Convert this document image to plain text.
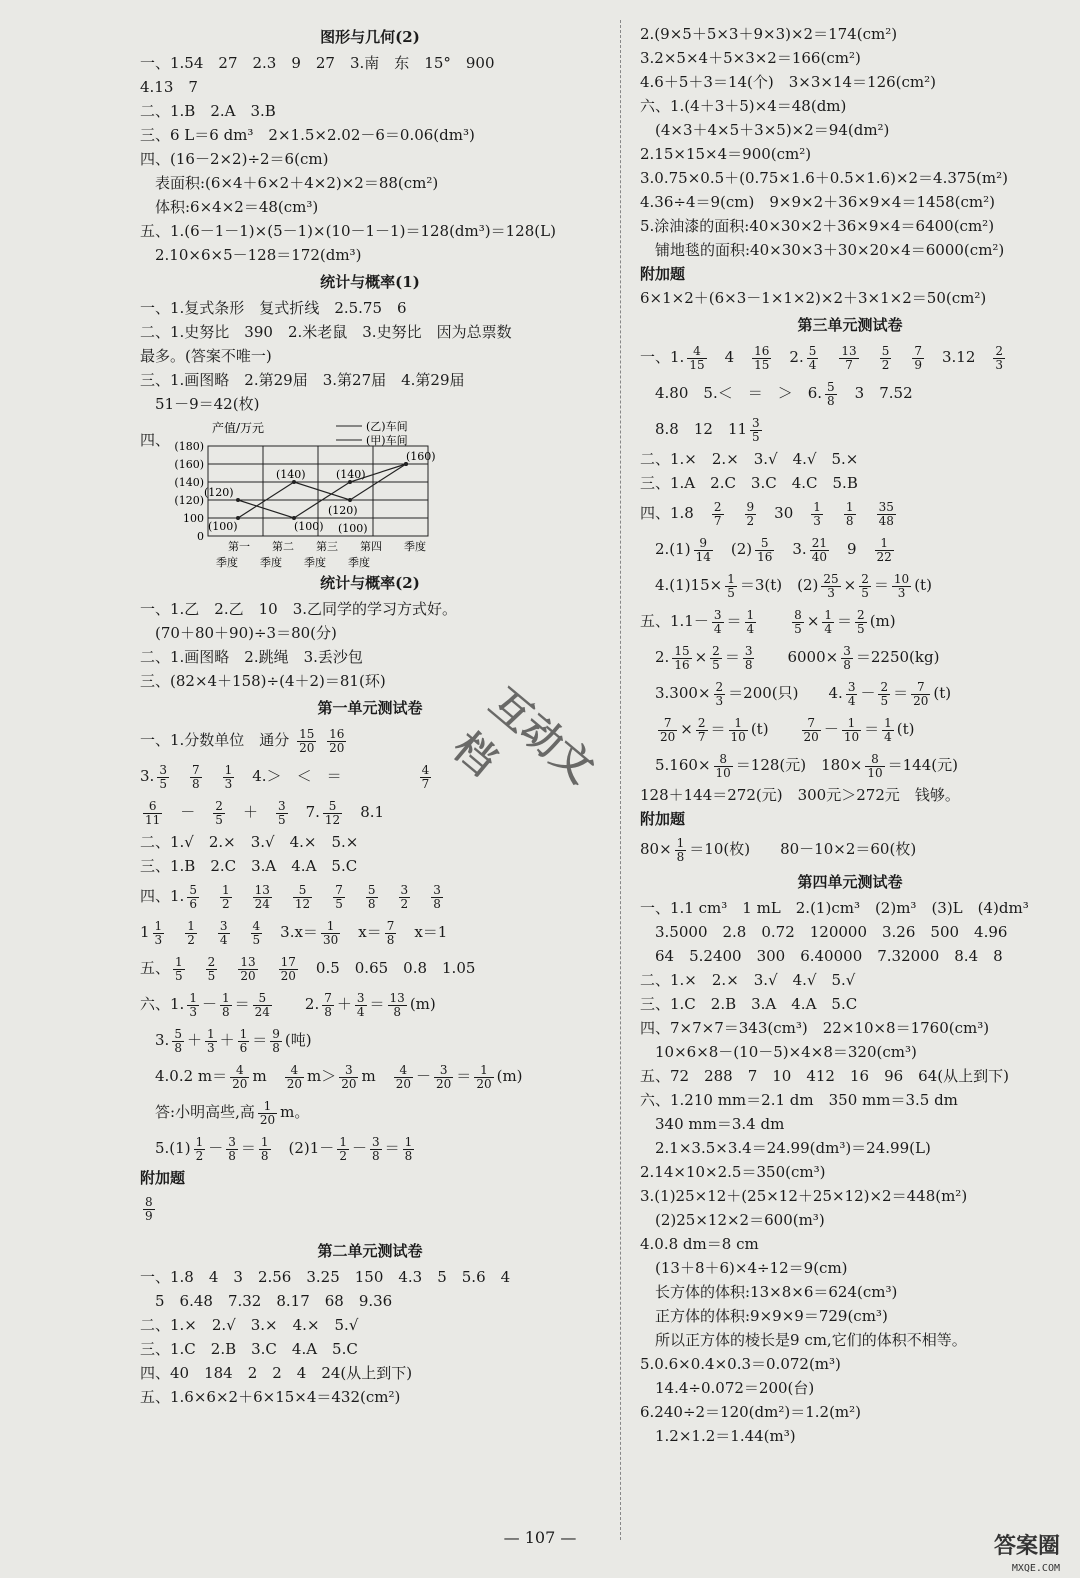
图形与几何(2)
一、1.54　27　2.3　9　27　3.南　东　15°　900
4.13　7
二、1.B　2.A　3.B
三、6 L＝6 dm³　2×1.5×2.02－6＝0.06(dm³)
四、(16－2×2)÷2＝6(cm)
　表面积:(6×4＋6×2＋4×2)×2＝88(cm²)
　体积:6×4×2＝48(cm³)
五、1.(6－1－1)×(5－1)×(10－1－1)＝128(dm³)＝128(L)
　2.10×6×5－128＝172(dm³)
统计与概率(1)
一、1.复式条形　复式折线　2.5.75　6
二、1.史努比　390　2.米老鼠　3.史努比　因为总票数
最多。(答案不唯一)
三、1.画图略　2.第29届　3.第27届　4.第29届
　51－9＝42(枚)
四、
产值/万元	(乙)车间
(甲)车间
0
100
(120)
(140)
(160)
(180)
第一 第二 第三 第四 季度
季度 季度 季度 季度
(100)
(140)
(120)
(160)
(120)
(100)
(140)
(100)
统计与概率(2)
一、1.乙　2.乙　10　3.乙同学的学习方式好。
　(70＋80＋90)÷3＝80(分)
二、1.画图略　2.跳绳　3.丢沙包
三、(82×4＋158)÷(4＋2)＝81(环)
第一单元测试卷
一、1.分数单位　通分 $\frac{15}{20}$
$\frac{16}{20}$
3. $\frac{3}{5}$
　 $\frac{7}{8}$
　 $\frac{1}{3}$ 　4.＞　＜　＝　　　　　 $\frac{4}{7}$
$\frac{6}{11}$ 　－　 $\frac{2}{5}$ 　＋　 $\frac{3}{5}$ 　7. $\frac{5}{12}$ 　8.1
二、1.√　2.×　3.√　4.×　5.×
三、1.B　2.C　3.A　4.A　5.C
四、1. $\frac{5}{6}$
　 $\frac{1}{2}$
　 $\frac{13}{24}$
　 $\frac{5}{12}$
　 $\frac{7}{5}$
　 $\frac{5}{8}$
　 $\frac{3}{2}$
　 $\frac{3}{8}$
$1 \frac{1}{3}$
　 $\frac{1}{2}$
　 $\frac{3}{4}$
　 $\frac{4}{5}$ 　$3.x= \frac{1}{30}$ 　$x= \frac{7}{8}$ 　x＝1
五、 $\frac{1}{5}$
　 $\frac{2}{5}$
　 $\frac{13}{20}$
　 $\frac{17}{20}$ 　0.5　0.65　0.8　1.05
六、1. $\frac{1}{3} - \frac{1}{8} = \frac{5}{24}$ 　　2. $\frac{7}{8} + \frac{3}{4} = \frac{13}{8} (m)$
　3. $\frac{5}{8} + \frac{1}{3} + \frac{1}{6} = \frac{9}{8}$ (吨)
　4.0.2 $m= \frac{4}{20}$ m　 $\frac{4}{20} m> \frac{3}{20}$ m　 $\frac{4}{20} - \frac{3}{20} = \frac{1}{20} (m)$
　答:小明高些,高 $\frac{1}{20}$ m。
　$5.(1) \frac{1}{2} - \frac{3}{8} = \frac{1}{8}$ 　$(2)1- \frac{1}{2} - \frac{3}{8} = \frac{1}{8}$
附加题
$\frac{8}{9}$
第二单元测试卷
一、1.8　4　3　2.56　3.25　150　4.3　5　5.6　4
　5　6.48　7.32　8.17　68　9.36
二、1.×　2.√　3.×　4.×　5.√
三、1.C　2.B　3.C　4.A　5.C
四、40　184　2　2　4　24(从上到下)
五、1.6×6×2＋6×15×4＝432(cm²)
2.(9×5＋5×3＋9×3)×2＝174(cm²)
3.2×5×4＋5×3×2＝166(cm²)
4.6＋5＋3＝14(个)　3×3×14＝126(cm²)
六、1.(4＋3＋5)×4＝48(dm)
　(4×3＋4×5＋3×5)×2＝94(dm²)
2.15×15×4＝900(cm²)
3.0.75×0.5＋(0.75×1.6＋0.5×1.6)×2＝4.375(m²)
4.36÷4＝9(cm)　9×9×2＋36×9×4＝1458(cm²)
5.涂油漆的面积:40×30×2＋36×9×4＝6400(cm²)
　铺地毯的面积:40×30×3＋30×20×4＝6000(cm²)
附加题
6×1×2＋(6×3－1×1×2)×2＋3×1×2＝50(cm²)
第三单元测试卷
一、1. $\frac{4}{15}$ 　4　 $\frac{16}{15}$ 　2. $\frac{5}{4}$
　 $\frac{13}{7}$
　 $\frac{5}{2}$
　 $\frac{7}{9}$ 　3.12　 $\frac{2}{3}$
　4.80　5.＜　＝　＞　6. $\frac{5}{8}$ 　3　7.52
　8.8　12　$11 \frac{3}{5}$
二、1.×　2.×　3.√　4.√　5.×
三、1.A　2.C　3.C　4.C　5.B
四、1.8　 $\frac{2}{7}$
　 $\frac{9}{2}$ 　30　 $\frac{1}{3}$
　 $\frac{1}{8}$
　 $\frac{35}{48}$
　$2.(1) \frac{9}{14}$ 　$(2) \frac{5}{16}$ 　3. $\frac{21}{40}$ 　9　 $\frac{1}{22}$
　$4.(1)15\times \frac{1}{5} =3(t)$　$(2) \frac{25}{3} \times \frac{2}{5} = \frac{10}{3} (t)$
五、$1.1- \frac{3}{4} = \frac{1}{4}$
　　	$\frac{8}{5} \times \frac{1}{4} = \frac{2}{5} (m)$
　2. $\frac{15}{16} \times \frac{2}{5} = \frac{3}{8}$ 　　$6000\times \frac{3}{8} =2250(kg)$
　$3.300\times \frac{2}{3} =200$(只)　　4. $\frac{3}{4} - \frac{2}{5} = \frac{7}{20} (t)$

$\frac{7}{20} \times \frac{2}{7} = \frac{1}{10} (t)$　　 $\frac{7}{20} - \frac{1}{10} = \frac{1}{4} (t)$
　$5.160\times \frac{8}{10} =128$(元)　$180\times \frac{8}{10} =144$(元)
128＋144＝272(元)　300元＞272元　钱够。
附加题
$80\times \frac{1}{8} =10$(枚)　　80－10×2＝60(枚)
第四单元测试卷
一、1.1 cm³　1 mL　2.(1)cm³　(2)m³　(3)L　(4)dm³
　3.5000　2.8　0.72　120000　3.26　500　4.96
　64　5.2400　300　6.40000　7.32000　8.4　8
二、1.×　2.×　3.√　4.√　5.√
三、1.C　2.B　3.A　4.A　5.C
四、7×7×7＝343(cm³)　22×10×8＝1760(cm³)
　10×6×8－(10－5)×4×8＝320(cm³)
五、72　288　7　10　412　16　96　64(从上到下)
六、1.210 mm＝2.1 dm　350 mm＝3.5 dm
　340 mm＝3.4 dm
　2.1×3.5×3.4＝24.99(dm³)＝24.99(L)
2.14×10×2.5＝350(cm³)
3.(1)25×12＋(25×12＋25×12)×2＝448(m²)
　(2)25×12×2＝600(m³)
4.0.8 dm＝8 cm
　(13＋8＋6)×4÷12＝9(cm)
　长方体的体积:13×8×6＝624(cm³)
　正方体的体积:9×9×9＝729(cm³)
　所以正方体的棱长是9 cm,它们的体积不相等。
5.0.6×0.4×0.3＝0.072(m³)
　14.4÷0.072＝200(台)
6.240÷2＝120(dm²)＝1.2(m²)
　1.2×1.2＝1.44(m³)
— 107 —
互动文档
答案圈
MXQE.COM
